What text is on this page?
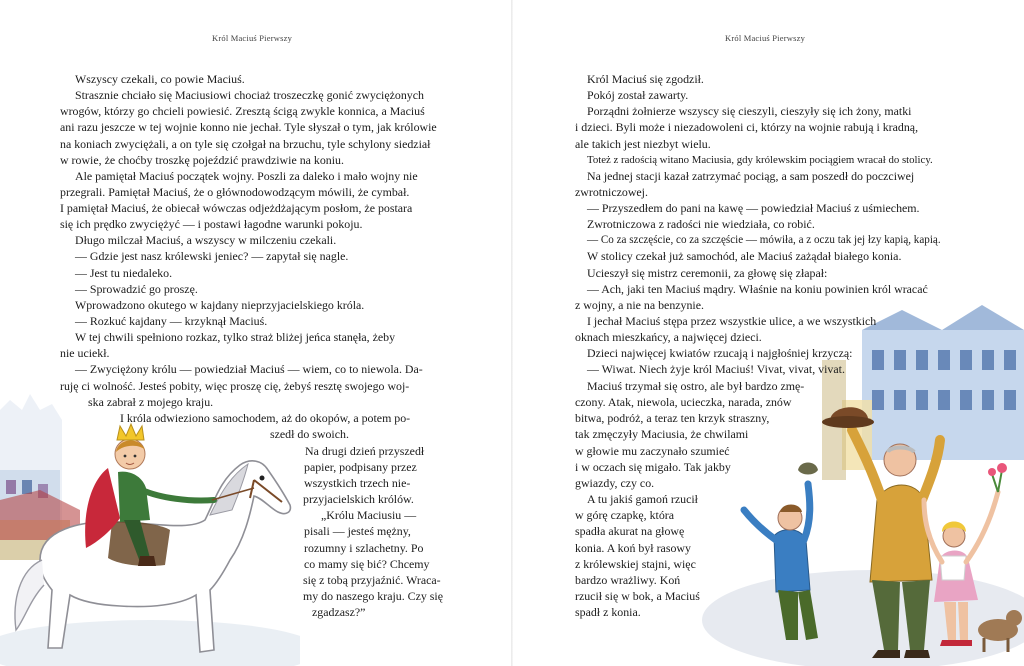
Król Maciuś Pierwszy
Wszyscy czekali, co powie Maciuś.
Strasznie chciało się Maciusiowi chociaż troszeczkę gonić zwyciężonych
wrogów, którzy go chcieli powiesić. Zresztą ścigą zwykle konnica, a Maciuś
ani razu jeszcze w tej wojnie konno nie jechał. Tyle słyszał o tym, jak królowie
na koniach zwyciężali, a on tyle się czołgał na brzuchu, tyle schylony siedział
w rowie, że choćby troszkę pojeździć prawdziwie na koniu.
Ale pamiętał Maciuś początek wojny. Poszli za daleko i mało wojny nie
przegrali. Pamiętał Maciuś, że o głównodowodzącym mówili, że cymbał.
I pamiętał Maciuś, że obiecał wówczas odjeżdżającym posłom, że postara
się ich prędko zwyciężyć — i postawi łagodne warunki pokoju.
Długo milczał Maciuś, a wszyscy w milczeniu czekali.
— Gdzie jest nasz królewski jeniec? — zapytał się nagle.
— Jest tu niedaleko.
— Sprowadzić go proszę.
Wprowadzono okutego w kajdany nieprzyjacielskiego króla.
— Rozkuć kajdany — krzyknął Maciuś.
W tej chwili spełniono rozkaz, tylko straż bliżej jeńca stanęła, żeby
nie uciekł.
— Zwyciężony królu — powiedział Maciuś — wiem, co to niewola. Da-
ruję ci wolność. Jesteś pobity, więc proszę cię, żebyś resztę swojego woj-
ska zabrał z mojego kraju.
I króla odwieziono samochodem, aż do okopów, a potem po-
szedł do swoich.
Na drugi dzień przyszedł
papier, podpisany przez
wszystkich trzech nie-
przyjacielskich królów.
„Królu Maciusiu —
pisali — jesteś mężny,
rozumny i szlachetny. Po
co mamy się bić? Chcemy
się z tobą przyjaźnić. Wraca-
my do naszego kraju. Czy się
zgadzasz?”
Król Maciuś Pierwszy
Król Maciuś się zgodził.
Pokój został zawarty.
Porządni żołnierze wszyscy się cieszyli, cieszyły się ich żony, matki
i dzieci. Byli może i niezadowoleni ci, którzy na wojnie rabują i kradną,
ale takich jest niezbyt wielu.
Toteż z radością witano Maciusia, gdy królewskim pociągiem wracał do stolicy.
Na jednej stacji kazał zatrzymać pociąg, a sam poszedł do poczciwej
zwrotniczowej.
— Przyszedłem do pani na kawę — powiedział Maciuś z uśmiechem.
Zwrotniczowa z radości nie wiedziała, co robić.
— Co za szczęście, co za szczęście — mówiła, a z oczu tak jej łzy kapią, kapią.
W stolicy czekał już samochód, ale Maciuś zażądał białego konia.
Ucieszył się mistrz ceremonii, za głowę się złapał:
— Ach, jaki ten Maciuś mądry. Właśnie na koniu powinien król wracać
z wojny, a nie na benzynie.
I jechał Maciuś stępa przez wszystkie ulice, a we wszystkich
oknach mieszkańcy, a najwięcej dzieci.
Dzieci najwięcej kwiatów rzucają i najgłośniej krzyczą:
— Wiwat. Niech żyje król Maciuś! Vivat, vivat, vivat.
Maciuś trzymał się ostro, ale był bardzo zmę-
czony. Atak, niewola, ucieczka, narada, znów
bitwa, podróż, a teraz ten krzyk straszny,
tak zmęczyły Maciusia, że chwilami
w głowie mu zaczynało szumieć
i w oczach się migało. Tak jakby
gwiazdy, czy co.
A tu jakiś gamoń rzucił
w górę czapkę, która
spadła akurat na głowę
konia. A koń był rasowy
z królewskiej stajni, więc
bardzo wrażliwy. Koń
rzucił się w bok, a Maciuś
spadł z konia.
